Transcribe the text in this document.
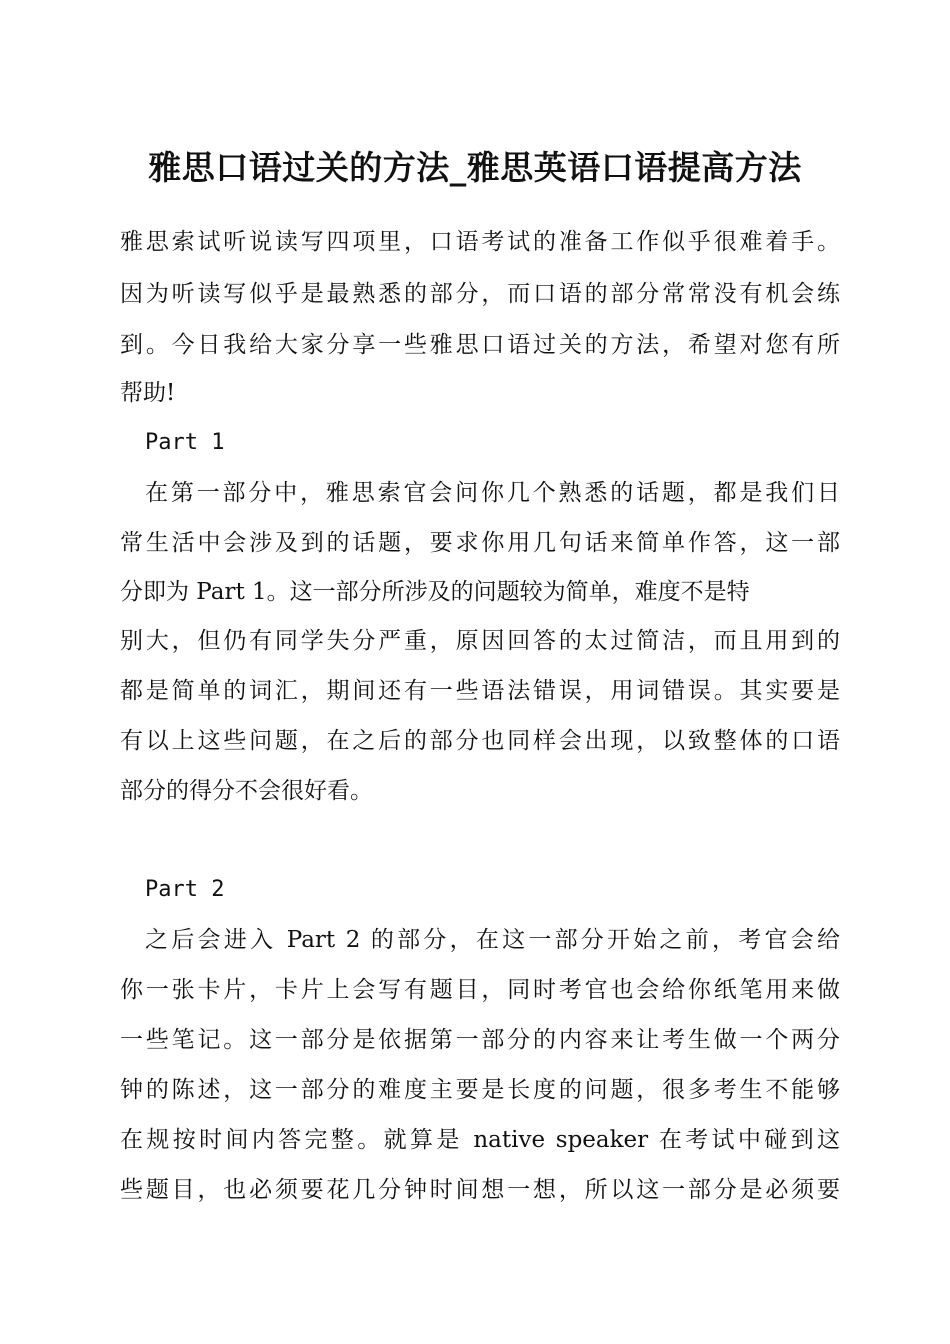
雅思口语过关的方法_雅思英语口语提高方法
雅思索试听说读写四项里，口语考试的准备工作似乎很难着手。
因为听读写似乎是最熟悉的部分，而口语的部分常常没有机会练
到。今日我给大家分享一些雅思口语过关的方法，希望对您有所
帮助!
Part 1
在第一部分中，雅思索官会问你几个熟悉的话题，都是我们日
常生活中会涉及到的话题，要求你用几句话来简单作答，这一部
分即为 Part 1。这一部分所涉及的问题较为简单，难度不是特
别大，但仍有同学失分严重，原因回答的太过简洁，而且用到的
都是简单的词汇，期间还有一些语法错误，用词错误。其实要是
有以上这些问题，在之后的部分也同样会出现，以致整体的口语
部分的得分不会很好看。
Part 2
之后会进入 Part 2 的部分，在这一部分开始之前，考官会给
你一张卡片，卡片上会写有题目，同时考官也会给你纸笔用来做
一些笔记。这一部分是依据第一部分的内容来让考生做一个两分
钟的陈述，这一部分的难度主要是长度的问题，很多考生不能够
在规按时间内答完整。就算是 native speaker 在考试中碰到这
些题目，也必须要花几分钟时间想一想，所以这一部分是必须要
